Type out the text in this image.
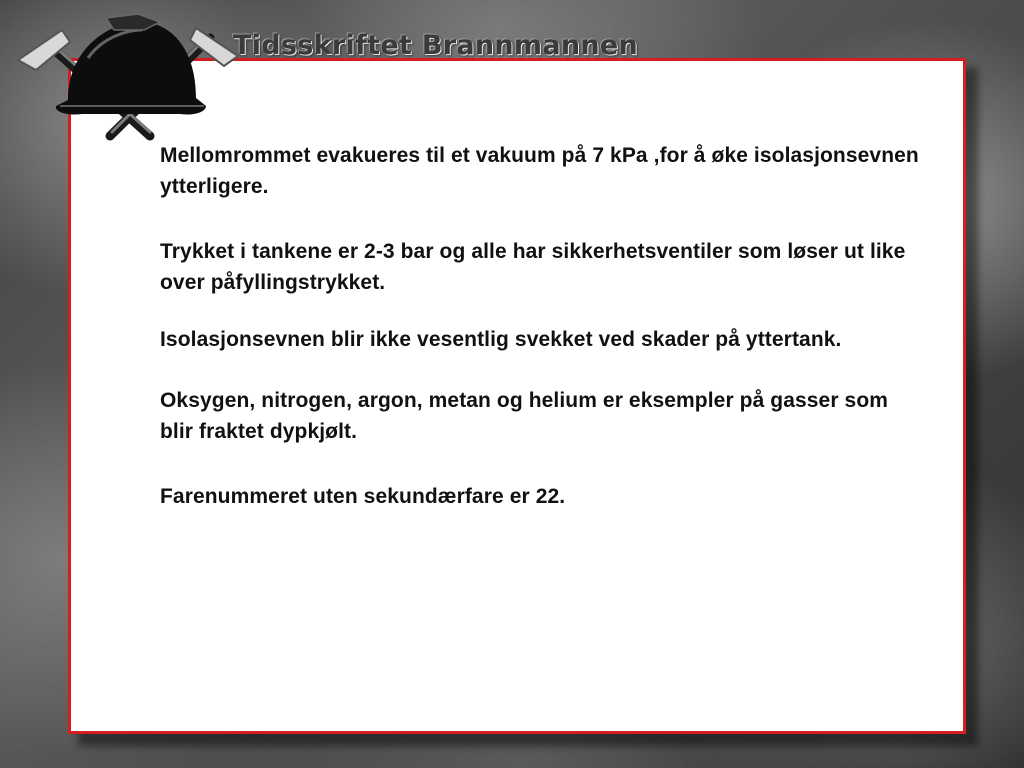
Tidsskriftet Brannmannen

Mellomrommet evakueres til et vakuum på 7 kPa ,for å øke isolasjonsevnen ytterligere.

Trykket i tankene er 2-3 bar og alle har sikkerhetsventiler som løser ut like over påfyllingstrykket.

Isolasjonsevnen blir ikke vesentlig svekket ved skader på yttertank.

Oksygen, nitrogen, argon, metan og helium er eksempler på gasser som blir fraktet dypkjølt.

Farenummeret uten sekundærfare er 22.
